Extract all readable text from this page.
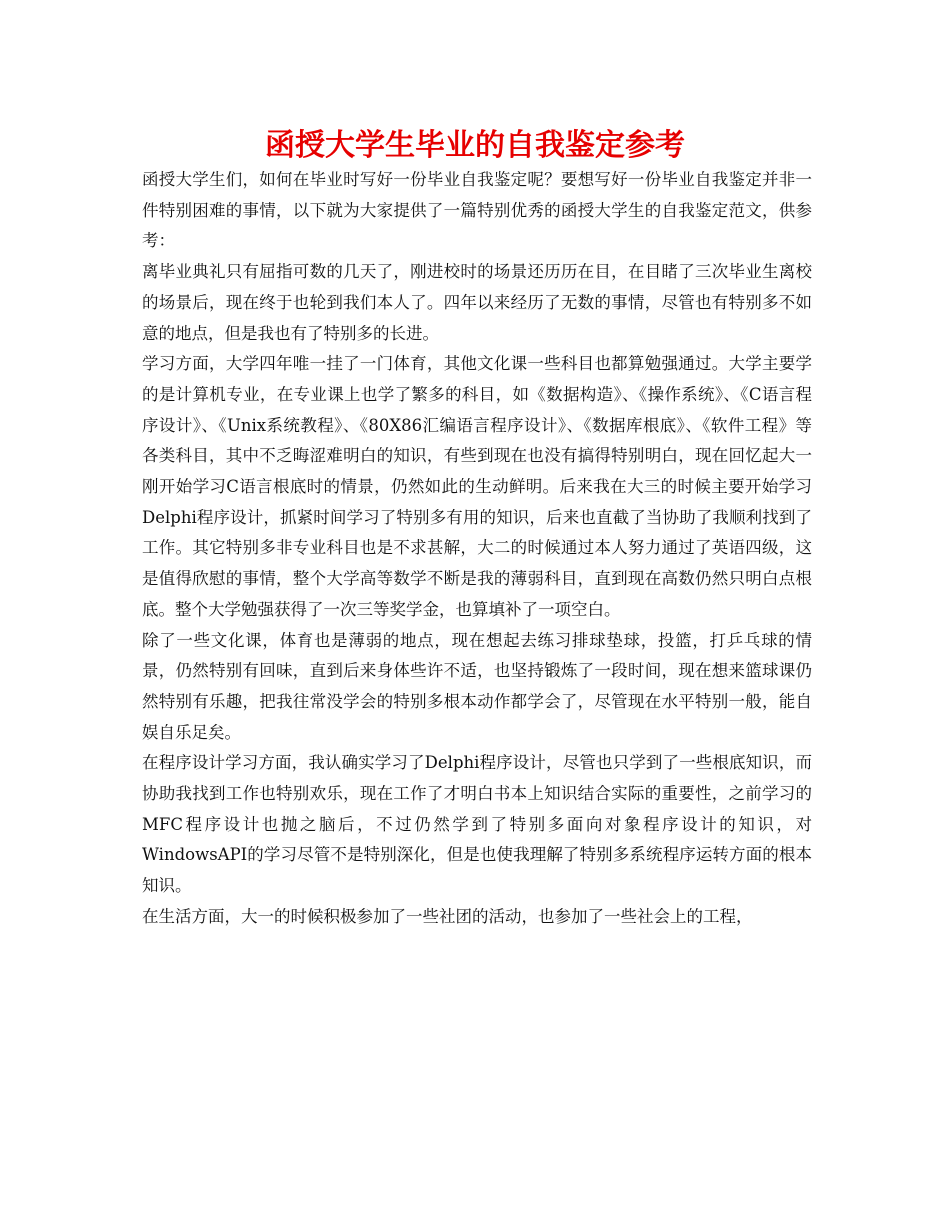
函授大学生毕业的自我鉴定参考

函授大学生们，如何在毕业时写好一份毕业自我鉴定呢？要想写好一份毕业自我鉴定并非一件特别困难的事情，以下就为大家提供了一篇特别优秀的函授大学生的自我鉴定范文，供参考：

离毕业典礼只有屈指可数的几天了，刚进校时的场景还历历在目，在目睹了三次毕业生离校的场景后，现在终于也轮到我们本人了。四年以来经历了无数的事情，尽管也有特别多不如意的地点，但是我也有了特别多的长进。

学习方面，大学四年唯一挂了一门体育，其他文化课一些科目也都算勉强通过。大学主要学的是计算机专业，在专业课上也学了繁多的科目，如《数据构造》、《操作系统》、《C语言程序设计》、《Unix系统教程》、《80X86汇编语言程序设计》、《数据库根底》、《软件工程》等各类科目，其中不乏晦涩难明白的知识，有些到现在也没有搞得特别明白，现在回忆起大一刚开始学习C语言根底时的情景，仍然如此的生动鲜明。后来我在大三的时候主要开始学习Delphi程序设计，抓紧时间学习了特别多有用的知识，后来也直截了当协助了我顺利找到了工作。其它特别多非专业科目也是不求甚解，大二的时候通过本人努力通过了英语四级，这是值得欣慰的事情，整个大学高等数学不断是我的薄弱科目，直到现在高数仍然只明白点根底。整个大学勉强获得了一次三等奖学金，也算填补了一项空白。

除了一些文化课，体育也是薄弱的地点，现在想起去练习排球垫球，投篮，打乒乓球的情景，仍然特别有回味，直到后来身体些许不适，也坚持锻炼了一段时间，现在想来篮球课仍然特别有乐趣，把我往常没学会的特别多根本动作都学会了，尽管现在水平特别一般，能自娱自乐足矣。

在程序设计学习方面，我认确实学习了Delphi程序设计，尽管也只学到了一些根底知识，而协助我找到工作也特别欢乐，现在工作了才明白书本上知识结合实际的重要性，之前学习的MFC程序设计也抛之脑后，不过仍然学到了特别多面向对象程序设计的知识，对WindowsAPI的学习尽管不是特别深化，但是也使我理解了特别多系统程序运转方面的根本知识。

在生活方面，大一的时候积极参加了一些社团的活动，也参加了一些社会上的工程，
